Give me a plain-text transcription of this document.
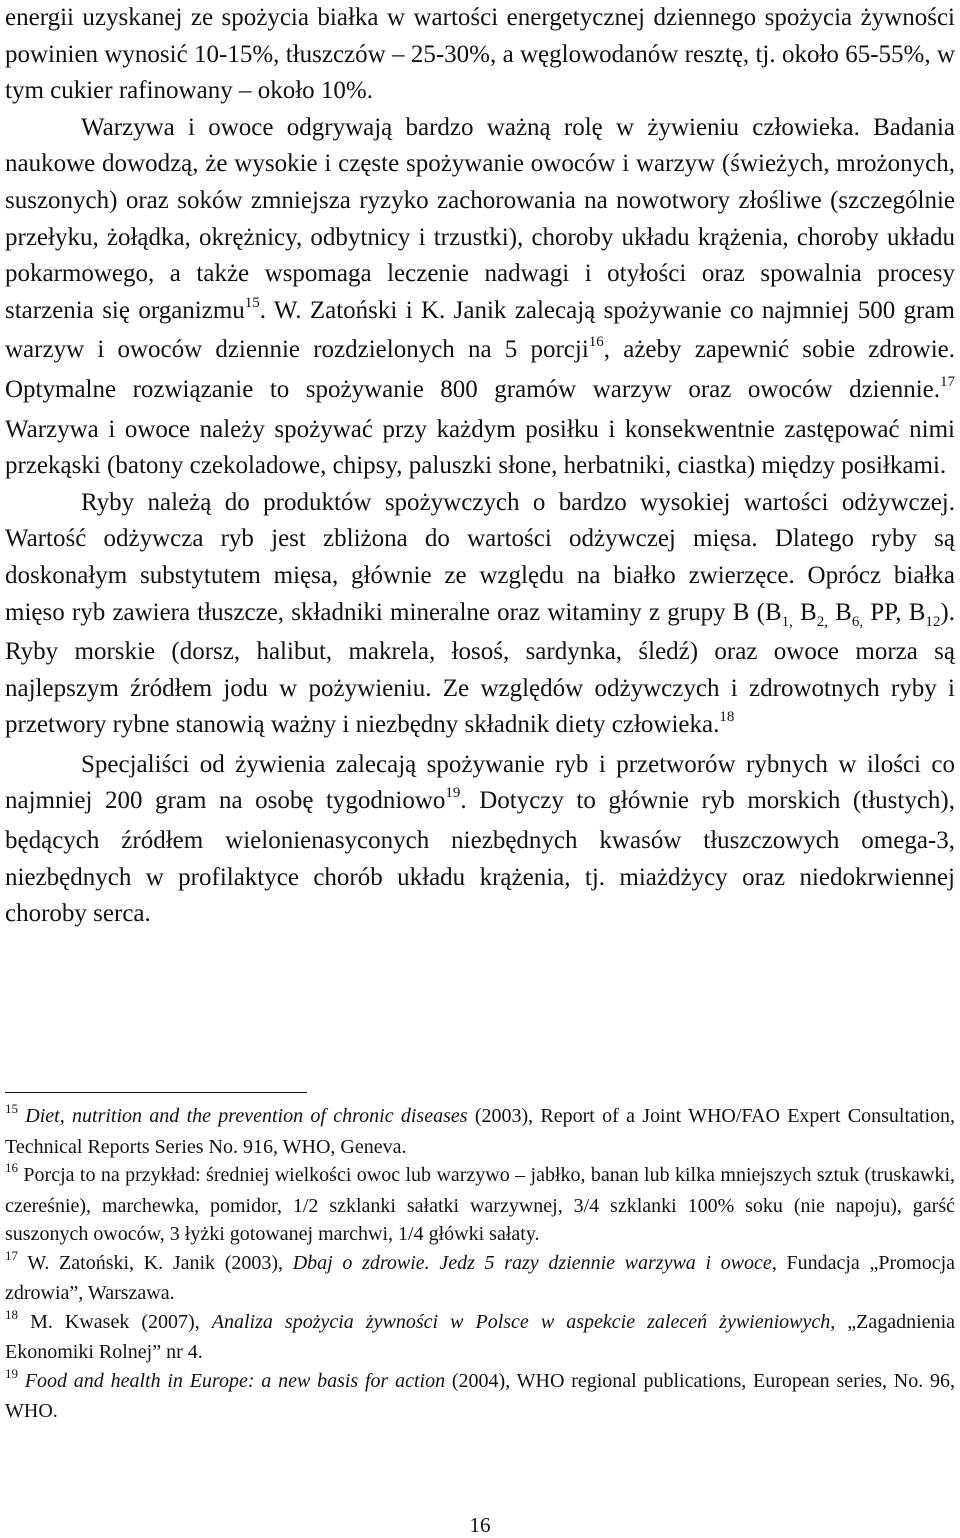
energii uzyskanej ze spożycia białka w wartości energetycznej dziennego spożycia żywności powinien wynosić 10-15%, tłuszczów – 25-30%, a węglowodanów resztę, tj. około 65-55%, w tym cukier rafinowany – około 10%.

Warzywa i owoce odgrywają bardzo ważną rolę w żywieniu człowieka. Badania naukowe dowodzą, że wysokie i częste spożywanie owoców i warzyw (świeżych, mrożonych, suszonych) oraz soków zmniejsza ryzyko zachorowania na nowotwory złośliwe (szczególnie przełyku, żołądka, okrężnicy, odbytnicy i trzustki), choroby układu krążenia, choroby układu pokarmowego, a także wspomaga leczenie nadwagi i otyłości oraz spowalnia procesy starzenia się organizmu$^{15}$. W. Zatoński i K. Janik zalecają spożywanie co najmniej 500 gram warzyw i owoców dziennie rozdzielonych na 5 porcji$^{16}$, ażeby zapewnić sobie zdrowie. Optymalne rozwiązanie to spożywanie 800 gramów warzyw oraz owoców dziennie.$^{17}$ Warzywa i owoce należy spożywać przy każdym posiłku i konsekwentnie zastępować nimi przekąski (batony czekoladowe, chipsy, paluszki słone, herbatniki, ciastka) między posiłkami.

Ryby należą do produktów spożywczych o bardzo wysokiej wartości odżywczej. Wartość odżywcza ryb jest zbliżona do wartości odżywczej mięsa. Dlatego ryby są doskonałym substytutem mięsa, głównie ze względu na białko zwierzęce. Oprócz białka mięso ryb zawiera tłuszcze, składniki mineralne oraz witaminy z grupy B ($B_{1,}$ $B_{2,}$ $B_{6,}$ PP, $B_{12}$). Ryby morskie (dorsz, halibut, makrela, łosoś, sardynka, śledź) oraz owoce morza są najlepszym źródłem jodu w pożywieniu. Ze względów odżywczych i zdrowotnych ryby i przetwory rybne stanowią ważny i niezbędny składnik diety człowieka.$^{18}$

Specjaliści od żywienia zalecają spożywanie ryb i przetworów rybnych w ilości co najmniej 200 gram na osobę tygodniowo$^{19}$. Dotyczy to głównie ryb morskich (tłustych), będących źródłem wielonienasyconych niezbędnych kwasów tłuszczowych omega-3, niezbędnych w profilaktyce chorób układu krążenia, tj. miażdżycy oraz niedokrwiennej choroby serca.

$^{15}$ Diet, nutrition and the prevention of chronic diseases (2003), Report of a Joint WHO/FAO Expert Consultation, Technical Reports Series No. 916, WHO, Geneva.

$^{16}$ Porcja to na przykład: średniej wielkości owoc lub warzywo – jabłko, banan lub kilka mniejszych sztuk (truskawki, czereśnie), marchewka, pomidor, 1/2 szklanki sałatki warzywnej, 3/4 szklanki 100% soku (nie napoju), garść suszonych owoców, 3 łyżki gotowanej marchwi, 1/4 główki sałaty.

$^{17}$ W. Zatoński, K. Janik (2003), Dbaj o zdrowie. Jedz 5 razy dziennie warzywa i owoce, Fundacja „Promocja zdrowia”, Warszawa.

$^{18}$ M. Kwasek (2007), Analiza spożycia żywności w Polsce w aspekcie zaleceń żywieniowych, „Zagadnienia Ekonomiki Rolnej” nr 4.

$^{19}$ Food and health in Europe: a new basis for action (2004), WHO regional publications, European series, No. 96, WHO.

16
